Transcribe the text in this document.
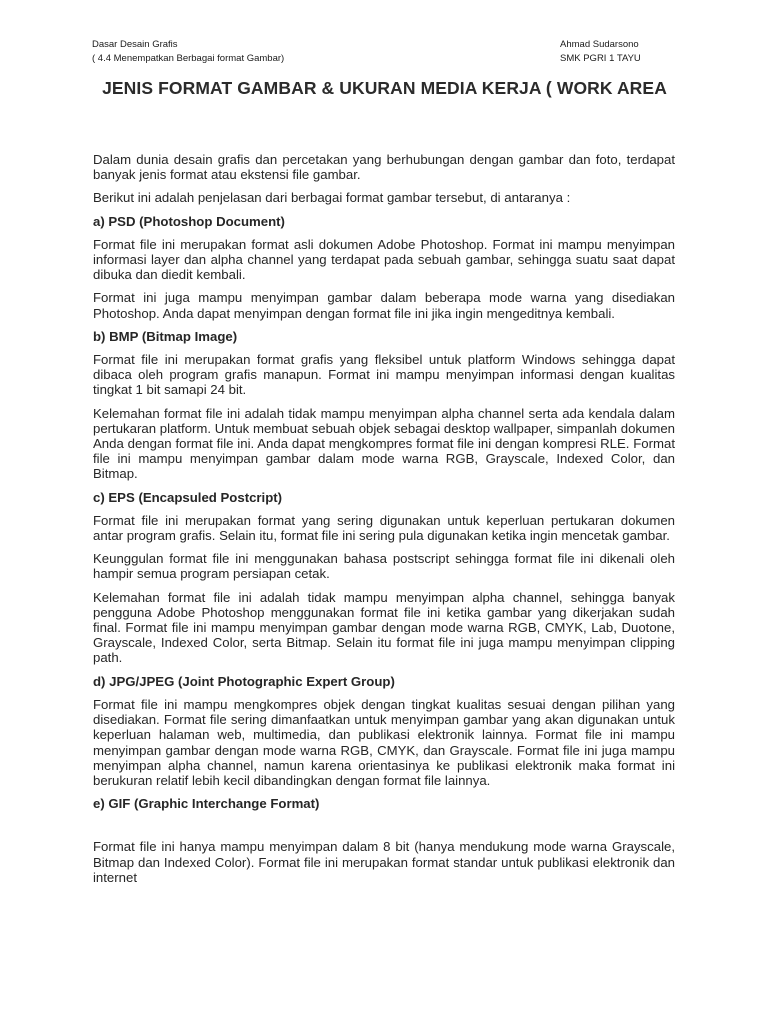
Dasar Desain Grafis
( 4.4 Menempatkan Berbagai format Gambar)
Ahmad Sudarsono
SMK PGRI 1 TAYU
JENIS FORMAT GAMBAR & UKURAN MEDIA KERJA ( WORK AREA

Dalam dunia desain grafis dan percetakan yang berhubungan dengan gambar dan foto, terdapat banyak jenis format atau ekstensi file gambar.

Berikut ini adalah penjelasan dari berbagai format gambar tersebut, di antaranya :

a) PSD (Photoshop Document)

Format file ini merupakan format asli dokumen Adobe Photoshop. Format ini mampu menyimpan informasi layer dan alpha channel yang terdapat pada sebuah gambar, sehingga suatu saat dapat dibuka dan diedit kembali.

Format ini juga mampu menyimpan gambar dalam beberapa mode warna yang disediakan Photoshop. Anda dapat menyimpan dengan format file ini jika ingin mengeditnya kembali.

b) BMP (Bitmap Image)

Format file ini merupakan format grafis yang fleksibel untuk platform Windows sehingga dapat dibaca oleh program grafis manapun. Format ini mampu menyimpan informasi dengan kualitas tingkat 1 bit samapi 24 bit.

Kelemahan format file ini adalah tidak mampu menyimpan alpha channel serta ada kendala dalam pertukaran platform. Untuk membuat sebuah objek sebagai desktop wallpaper, simpanlah dokumen Anda dengan format file ini. Anda dapat mengkompres format file ini dengan kompresi RLE. Format file ini mampu menyimpan gambar dalam mode warna RGB, Grayscale, Indexed Color, dan Bitmap.

c) EPS (Encapsuled Postcript)

Format file ini merupakan format yang sering digunakan untuk keperluan pertukaran dokumen antar program grafis. Selain itu, format file ini sering pula digunakan ketika ingin mencetak gambar.

Keunggulan format file ini menggunakan bahasa postscript sehingga format file ini dikenali oleh hampir semua program persiapan cetak.

Kelemahan format file ini adalah tidak mampu menyimpan alpha channel, sehingga banyak pengguna Adobe Photoshop menggunakan format file ini ketika gambar yang dikerjakan sudah final. Format file ini mampu menyimpan gambar dengan mode warna RGB, CMYK, Lab, Duotone, Grayscale, Indexed Color, serta Bitmap. Selain itu format file ini juga mampu menyimpan clipping path.

d) JPG/JPEG (Joint Photographic Expert Group)

Format file ini mampu mengkompres objek dengan tingkat kualitas sesuai dengan pilihan yang disediakan. Format file sering dimanfaatkan untuk menyimpan gambar yang akan digunakan untuk keperluan halaman web, multimedia, dan publikasi elektronik lainnya. Format file ini mampu menyimpan gambar dengan mode warna RGB, CMYK, dan Grayscale. Format file ini juga mampu menyimpan alpha channel, namun karena orientasinya ke publikasi elektronik maka format ini berukuran relatif lebih kecil dibandingkan dengan format file lainnya.

e) GIF (Graphic Interchange Format)

Format file ini hanya mampu menyimpan dalam 8 bit (hanya mendukung mode warna Grayscale, Bitmap dan Indexed Color). Format file ini merupakan format standar untuk publikasi elektronik dan internet
